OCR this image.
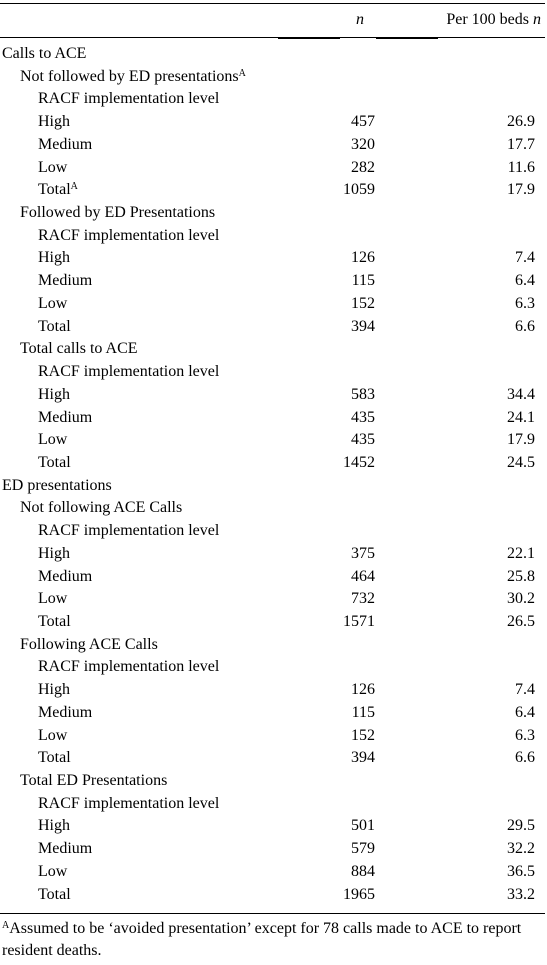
n	Per 100 beds n
Calls to ACE
Not followed by ED presentations$^A$
RACF implementation level
High	457	26.9
Medium	320	17.7
Low	282	11.6
Total$^A$	1059	17.9
Followed by ED Presentations
RACF implementation level
High	126	7.4
Medium	115	6.4
Low	152	6.3
Total	394	6.6
Total calls to ACE
RACF implementation level
High	583	34.4
Medium	435	24.1
Low	435	17.9
Total	1452	24.5
ED presentations
Not following ACE Calls
RACF implementation level
High	375	22.1
Medium	464	25.8
Low	732	30.2
Total	1571	26.5
Following ACE Calls
RACF implementation level
High	126	7.4
Medium	115	6.4
Low	152	6.3
Total	394	6.6
Total ED Presentations
RACF implementation level
High	501	29.5
Medium	579	32.2
Low	884	36.5
Total	1965	33.2
$^A$Assumed to be ‘avoided presentation’ except for 78 calls made to ACE to report resident deaths.
